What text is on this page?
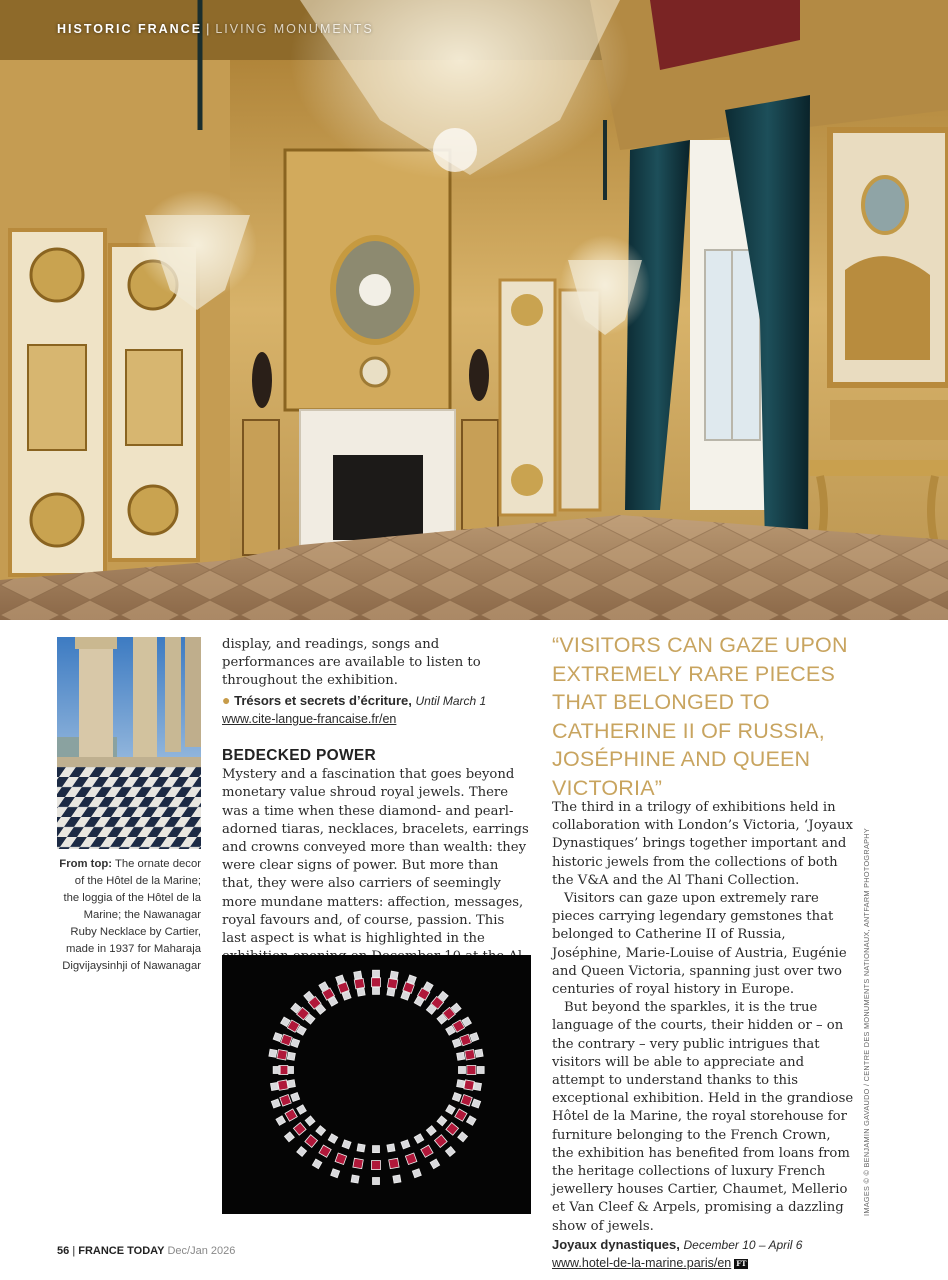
HISTORIC FRANCE | LIVING MONUMENTS
From top: The ornate decor of the Hôtel de la Marine; the loggia of the Hôtel de la Marine; the Nawanagar Ruby Necklace by Cartier, made in 1937 for Maharaja Digvijaysinhji of Nawanagar

display, and readings, songs and performances are available to listen to throughout the exhibition.

● Trésors et secrets d’écriture, Until March 1
www.cite-langue-francaise.fr/en
BEDECKED POWER

Mystery and a fascination that goes beyond monetary value shroud royal jewels. There was a time when these diamond- and pearl-adorned tiaras, necklaces, bracelets, earrings and crowns conveyed more than wealth: they were clear signs of power. But more than that, they were also carriers of seemingly more mundane matters: affection, messages, royal favours and, of course, passion. This last aspect is what is highlighted in the

“VISITORS CAN GAZE UPON EXTREMELY RARE PIECES THAT BELONGED TO CATHERINE II OF RUSSIA, JOSÉPHINE AND QUEEN VICTORIA”

The third in a trilogy of exhibitions held in collaboration with London’s Victoria, ‘Joyaux Dynastiques’ brings together important and historic jewels from the collections of both the V&A and the Al Thani Collection.

Visitors can gaze upon extremely rare pieces carrying legendary gemstones that belonged to Catherine II of Russia, Joséphine, Marie-Louise of Austria, Eugénie and Queen Victoria, spanning just over two centuries of royal history in Europe.

But beyond the sparkles, it is the true language of the courts, their hidden or – on the contrary – very public intrigues that visitors will be able to appreciate and attempt to understand thanks to this exceptional exhibition. Held in the grandiose Hôtel de la Marine, the royal storehouse for furniture belonging to the French Crown, the exhibition has benefited from loans from the heritage collections of luxury French jewellery houses Cartier, Chaumet, Mellerio et Van Cleef & Arpels, promising a dazzling show of jewels.

Joyaux dynastiques, December 10 – April 6
www.hotel-de-la-marine.paris/en FT
IMAGES © © BENJAMIN GAVAUDO / CENTRE DES MONUMENTS NATIONAUX, ANTFARM PHOTOGRAPHY
56 | FRANCE TODAY Dec/Jan 2026
